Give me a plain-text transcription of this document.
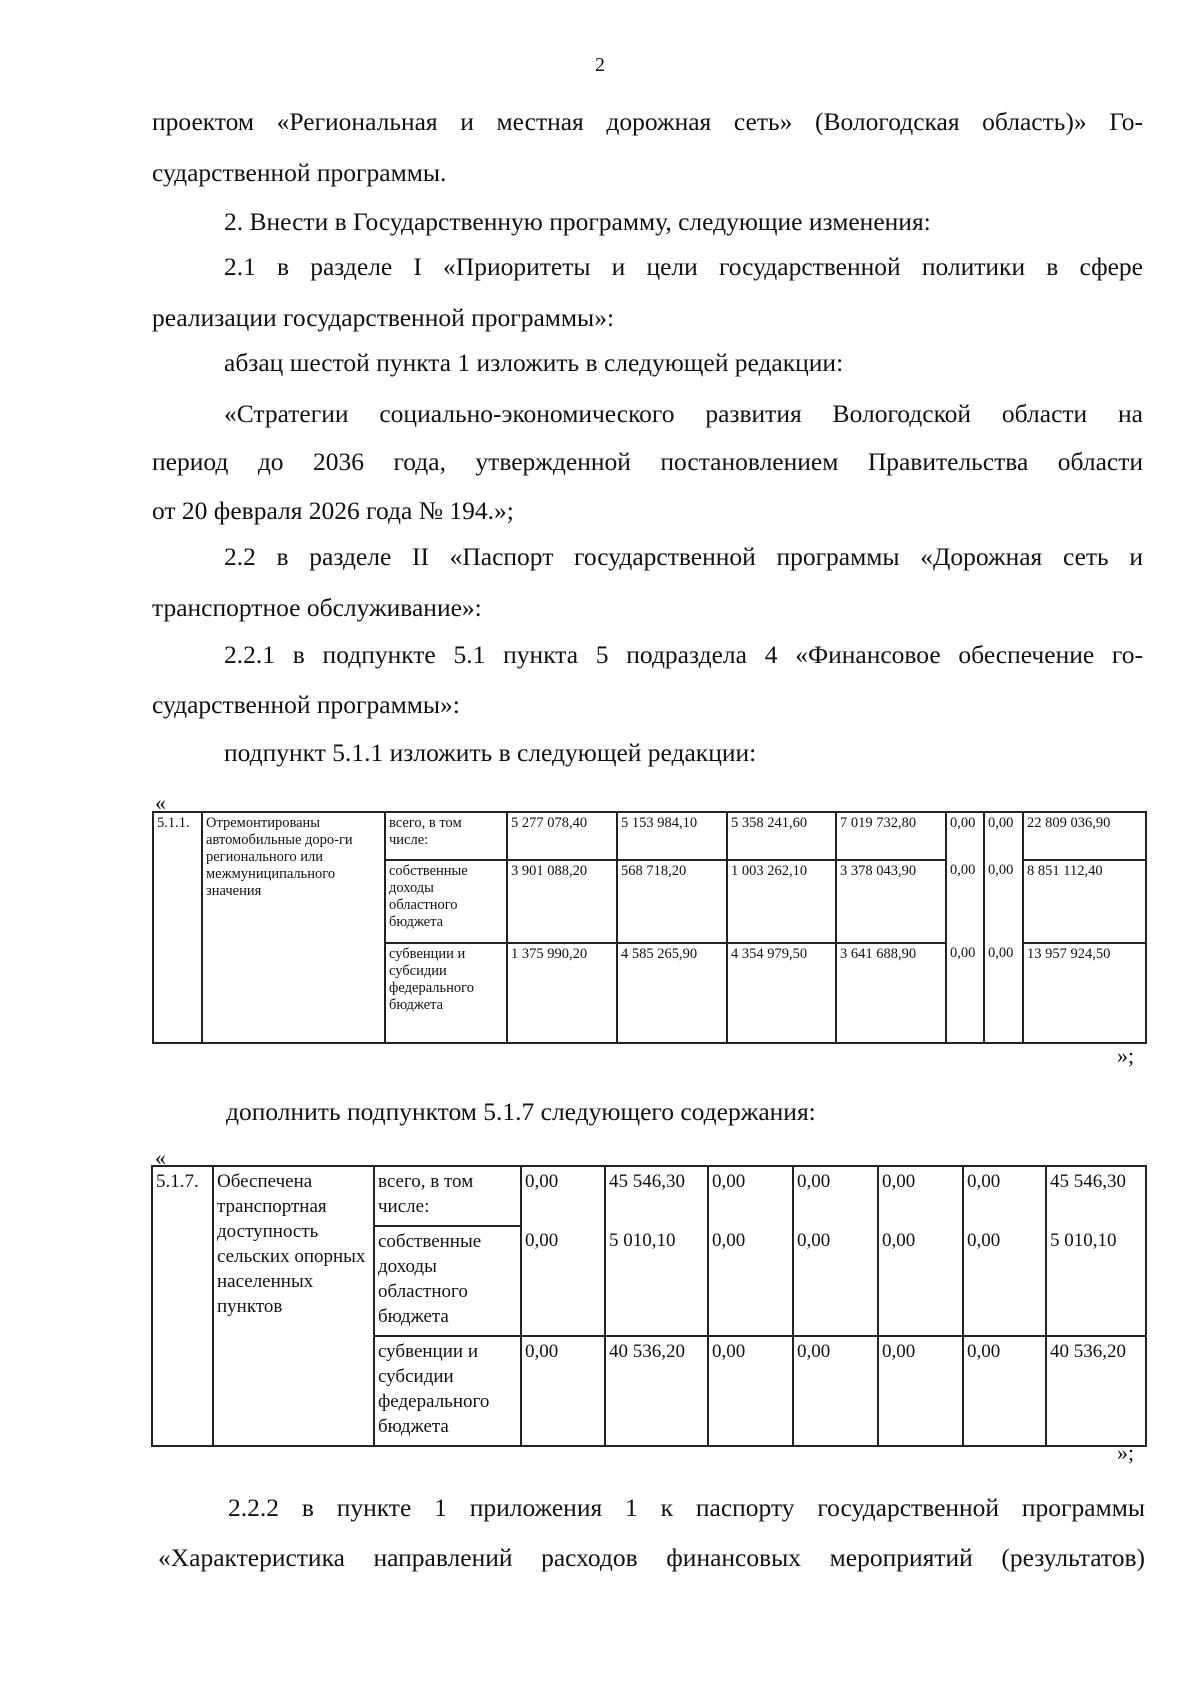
2
проектом «Региональная и местная дорожная сеть» (Вологодская область)» Го-
сударственной программы.
2. Внести в Государственную программу, следующие изменения:
2.1 в разделе I «Приоритеты и цели государственной политики в сфере
реализации государственной программы»:
абзац шестой пункта 1 изложить в следующей редакции:
«Стратегии социально-экономического развития Вологодской области на
период до 2036 года, утвержденной постановлением Правительства области
от 20 февраля 2026 года № 194.»;
2.2 в разделе II «Паспорт государственной программы «Дорожная сеть и
транспортное обслуживание»:
2.2.1 в подпункте 5.1 пункта 5 подраздела 4 «Финансовое обеспечение го-
сударственной программы»:
подпункт 5.1.1 изложить в следующей редакции:
«
5.1.1.	Отремонтированы автомобильные доро-ги регионального или межмуниципального значения	всего, в том числе:	5 277 078,40	5 153 984,10	5 358 241,60	7 019 732,80	0,00	0,00	22 809 036,90
		собственные доходы областного бюджета	3 901 088,20	568 718,20	1 003 262,10	3 378 043,90	0,00	0,00	8 851 112,40
		субвенции и субсидии федерального бюджета	1 375 990,20	4 585 265,90	4 354 979,50	3 641 688,90	0,00	0,00	13 957 924,50
»;
дополнить подпунктом 5.1.7 следующего содержания:
«
5.1.7.	Обеспечена транспортная доступность сельских опорных населенных пунктов	всего, в том числе:	0,00	45 546,30	0,00	0,00	0,00	0,00	45 546,30
		собственные доходы областного бюджета	0,00	5 010,10	0,00	0,00	0,00	0,00	5 010,10
		субвенции и субсидии федерального бюджета	0,00	40 536,20	0,00	0,00	0,00	0,00	40 536,20
»;
2.2.2 в пункте 1 приложения 1 к паспорту государственной программы
«Характеристика направлений расходов финансовых мероприятий (результатов)
